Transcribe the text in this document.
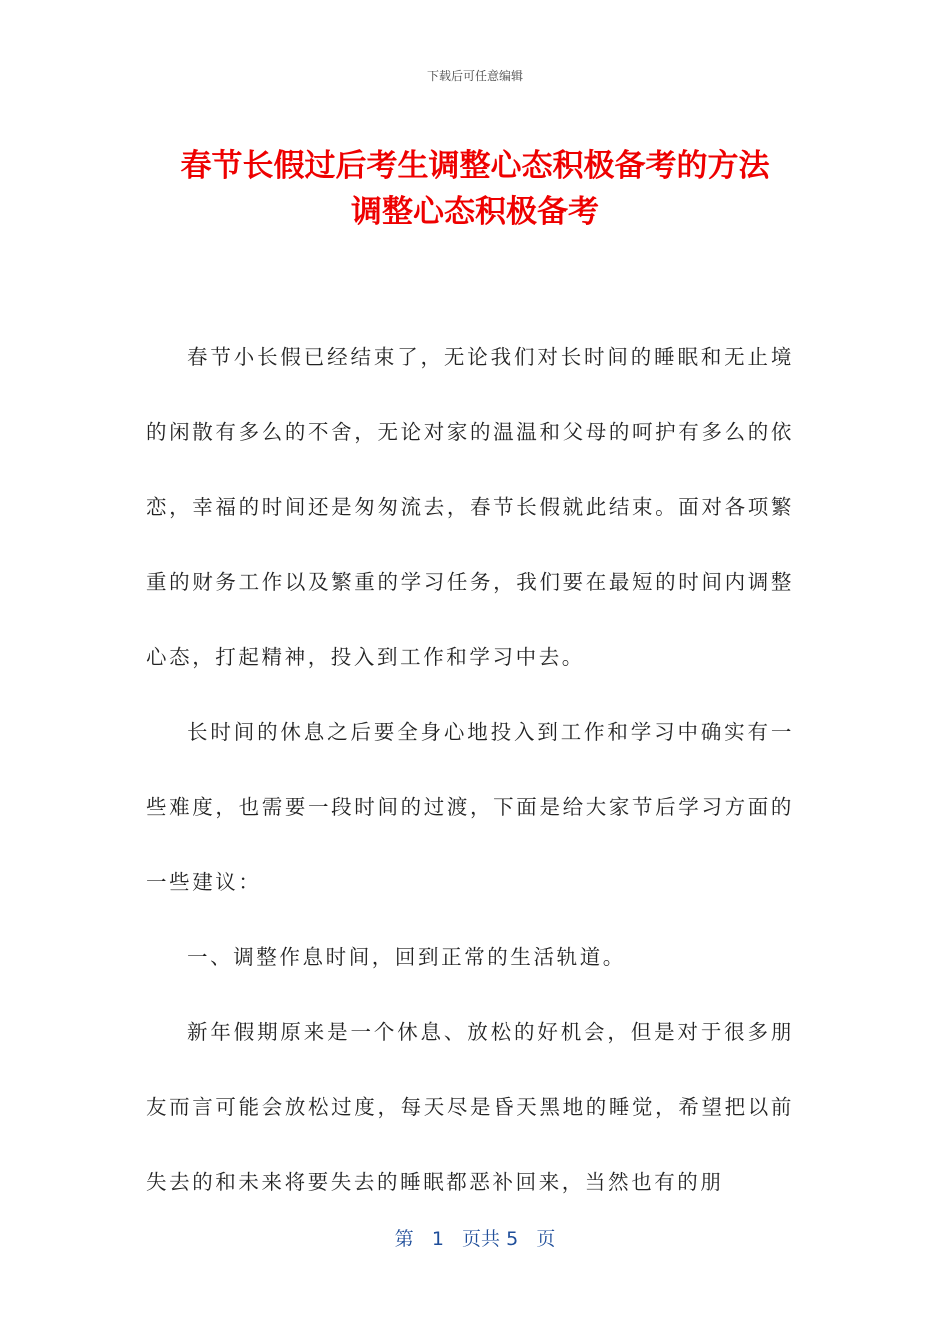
下载后可任意编辑
春节长假过后考生调整心态积极备考的方法
调整心态积极备考

春节小长假已经结束了，无论我们对长时间的睡眠和无止境的闲散有多么的不舍，无论对家的温温和父母的呵护有多么的依恋，幸福的时间还是匆匆流去，春节长假就此结束。面对各项繁重的财务工作以及繁重的学习任务，我们要在最短的时间内调整心态，打起精神，投入到工作和学习中去。

长时间的休息之后要全身心地投入到工作和学习中确实有一些难度，也需要一段时间的过渡，下面是给大家节后学习方面的一些建议：

一、调整作息时间，回到正常的生活轨道。

新年假期原来是一个休息、放松的好机会，但是对于很多朋友而言可能会放松过度，每天尽是昏天黑地的睡觉，希望把以前失去的和未来将要失去的睡眠都恶补回来，当然也有的朋

第 1 页共 5 页
